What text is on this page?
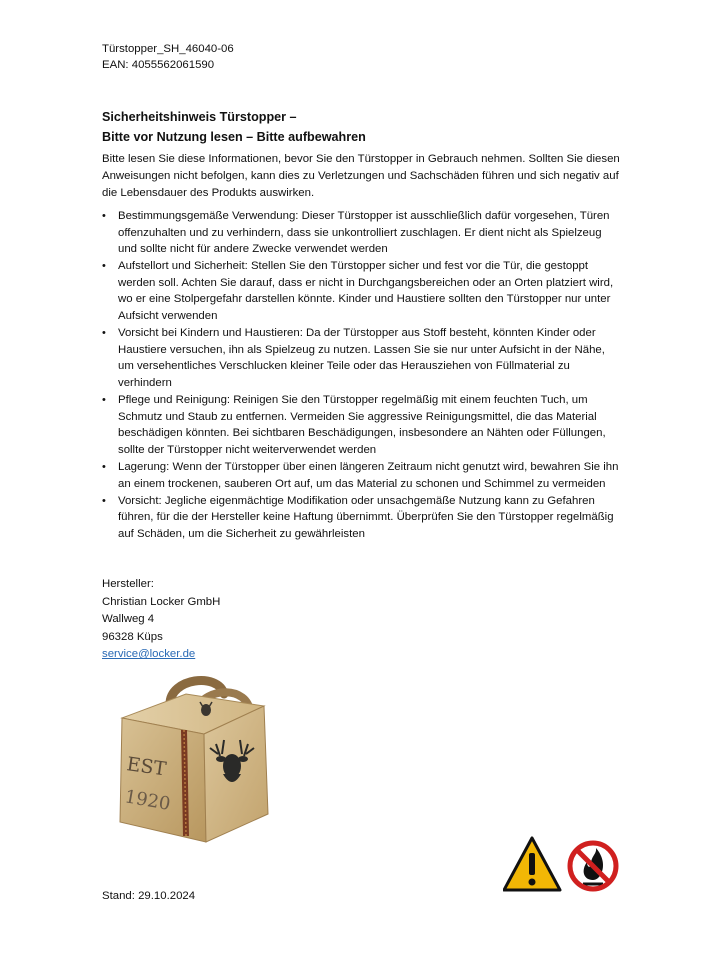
Türstopper_SH_46040-06
EAN: 4055562061590
Sicherheitshinweis Türstopper –
Bitte vor Nutzung lesen – Bitte aufbewahren
Bitte lesen Sie diese Informationen, bevor Sie den Türstopper in Gebrauch nehmen. Sollten Sie diesen Anweisungen nicht befolgen, kann dies zu Verletzungen und Sachschäden führen und sich negativ auf die Lebensdauer des Produkts auswirken.
•	Bestimmungsgemäße Verwendung: Dieser Türstopper ist ausschließlich dafür vorgesehen, Türen offenzuhalten und zu verhindern, dass sie unkontrolliert zuschlagen. Er dient nicht als Spielzeug und sollte nicht für andere Zwecke verwendet werden
•	Aufstellort und Sicherheit: Stellen Sie den Türstopper sicher und fest vor die Tür, die gestoppt werden soll. Achten Sie darauf, dass er nicht in Durchgangsbereichen oder an Orten platziert wird, wo er eine Stolpergefahr darstellen könnte. Kinder und Haustiere sollten den Türstopper nur unter Aufsicht verwenden
•	Vorsicht bei Kindern und Haustieren: Da der Türstopper aus Stoff besteht, könnten Kinder oder Haustiere versuchen, ihn als Spielzeug zu nutzen. Lassen Sie sie nur unter Aufsicht in der Nähe, um versehentliches Verschlucken kleiner Teile oder das Herausziehen von Füllmaterial zu verhindern
•	Pflege und Reinigung: Reinigen Sie den Türstopper regelmäßig mit einem feuchten Tuch, um Schmutz und Staub zu entfernen. Vermeiden Sie aggressive Reinigungsmittel, die das Material beschädigen könnten. Bei sichtbaren Beschädigungen, insbesondere an Nähten oder Füllungen, sollte der Türstopper nicht weiterverwendet werden
•	Lagerung: Wenn der Türstopper über einen längeren Zeitraum nicht genutzt wird, bewahren Sie ihn an einem trockenen, sauberen Ort auf, um das Material zu schonen und Schimmel zu vermeiden
•	Vorsicht: Jegliche eigenmächtige Modifikation oder unsachgemäße Nutzung kann zu Gefahren führen, für die der Hersteller keine Haftung übernimmt. Überprüfen Sie den Türstopper regelmäßig auf Schäden, um die Sicherheit zu gewährleisten
Hersteller:
Christian Locker GmbH
Wallweg 4
96328 Küps
service@locker.de
EST
1920
Stand: 29.10.2024
